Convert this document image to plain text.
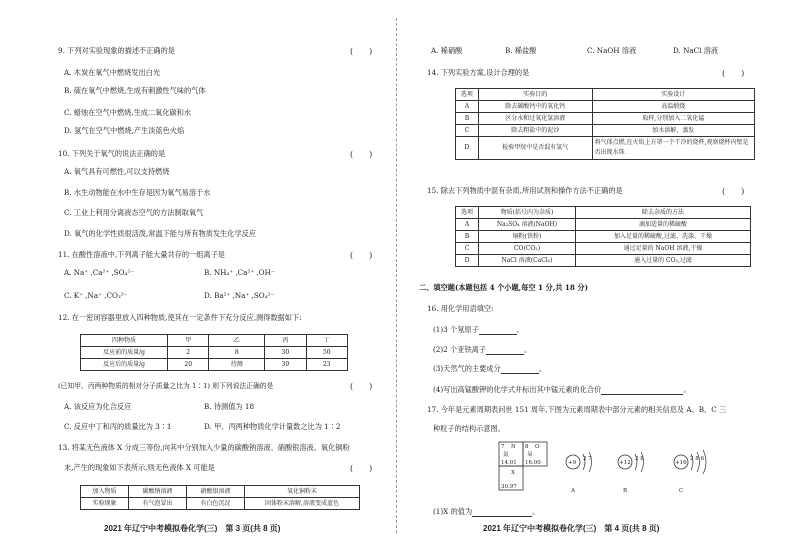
9. 下列对实验现象的描述不正确的是	(　　)
A. 木炭在氧气中燃烧发出白光
B. 硫在氧气中燃烧,生成有刺激性气味的气体
C. 蜡烛在空气中燃烧,生成二氧化碳和水
D. 氢气在空气中燃烧,产生淡蓝色火焰
10. 下列关于氧气的说法正确的是	(　　)
A. 氧气具有可燃性,可以支持燃烧
B. 水生动物能在水中生存是因为氧气易溶于水
C. 工业上利用分离液态空气的方法制取氧气
D. 氧气的化学性质很活泼,常温下能与所有物质发生化学反应
11. 在酸性溶液中,下列离子能大量共存的一组离子是	(　　)
A. Na⁺ ,Ca²⁺ ,SO₄²⁻	B. NH₄⁺ ,Ca²⁺ ,OH⁻
C. K⁺ ,Na⁺ ,CO₃²⁻	D. Ba²⁺ ,Na⁺ ,SO₄²⁻
12. 在一密闭容器里放入四种物质,使其在一定条件下充分反应,测得数据如下:
四种物质	甲	乙	丙	丁
反应前的质量/g	2	8	30	50
反应后的质量/g	20	待测	39	23
(已知甲、丙两种物质的相对分子质量之比为 1∶1) 则下列说法正确的是	(　　)
A. 该反应为化合反应	B. 待测值为 18
C. 反应中丁和丙的质量比为 3∶1	D. 甲、丙两种物质化学计量数之比为 1∶2
13. 将某无色液体 X 分成三等份,向其中分别加入少量的碳酸钠溶液、硝酸银溶液、氧化铜粉
末,产生的现象如下表所示,则无色液体 X 可能是	(　　)
加入物质	碳酸钠溶液	硝酸银溶液	氧化铜粉末
实验现象	有气泡冒出	有白色沉淀	固体粉末溶解,溶液变成蓝色
2021 年辽宁中考模拟卷化学(三)　第 3 页(共 8 页)
A. 稀硝酸	B. 稀盐酸	C. NaOH 溶液	D. NaCl 溶液
14. 下列实验方案,设计合理的是	(　　)
选项	实验目的	实验设计
A	除去碳酸钙中的氧化钙	高温煅烧
B	区分水和过氧化氢溶液	取样,分别加入二氧化锰
C	除去粗盐中的泥沙	加水溶解、蒸发
D	检验甲烷中是否混有氢气	将气体点燃,在火焰上方罩一个干冷的烧杯,观察烧杯内壁是否出现水珠
15. 除去下列物质中混有杂质,所用试剂和操作方法不正确的是	(　　)
选项	物质(括号内为杂质)	除去杂质的方法
A	Na₂SO₄ 溶液(NaOH)	滴加适量的稀硫酸
B	铜粉(铁粉)	加入足量的稀硫酸,过滤、洗涤、干燥
C	CO(CO₂)	通过足量的 NaOH 溶液,干燥
D	NaCl 溶液(CaCl₂)	通入过量的 CO₂,过滤
二、填空题(本题包括 4 个小题,每空 1 分,共 18 分)
16. 用化学用语填空:
(1)3 个氖原子	。
(2)2 个亚铁离子	。
(3)天然气的主要成分	。
(4)写出高锰酸钾的化学式并标出其中锰元素的化合价	。
17. 今年是元素周期表问世 151 周年,下图为元素周期表中部分元素的相关信息及 A、B、C 三
种粒子的结构示意图。
7 N
氮
14.01
8 O
氧
16.00
X
30.97
+9
2 7
A
+12
2 8
B
+16
2 8 6
C
(1)X 的值为	。
2021 年辽宁中考模拟卷化学(三)　第 4 页(共 8 页)
